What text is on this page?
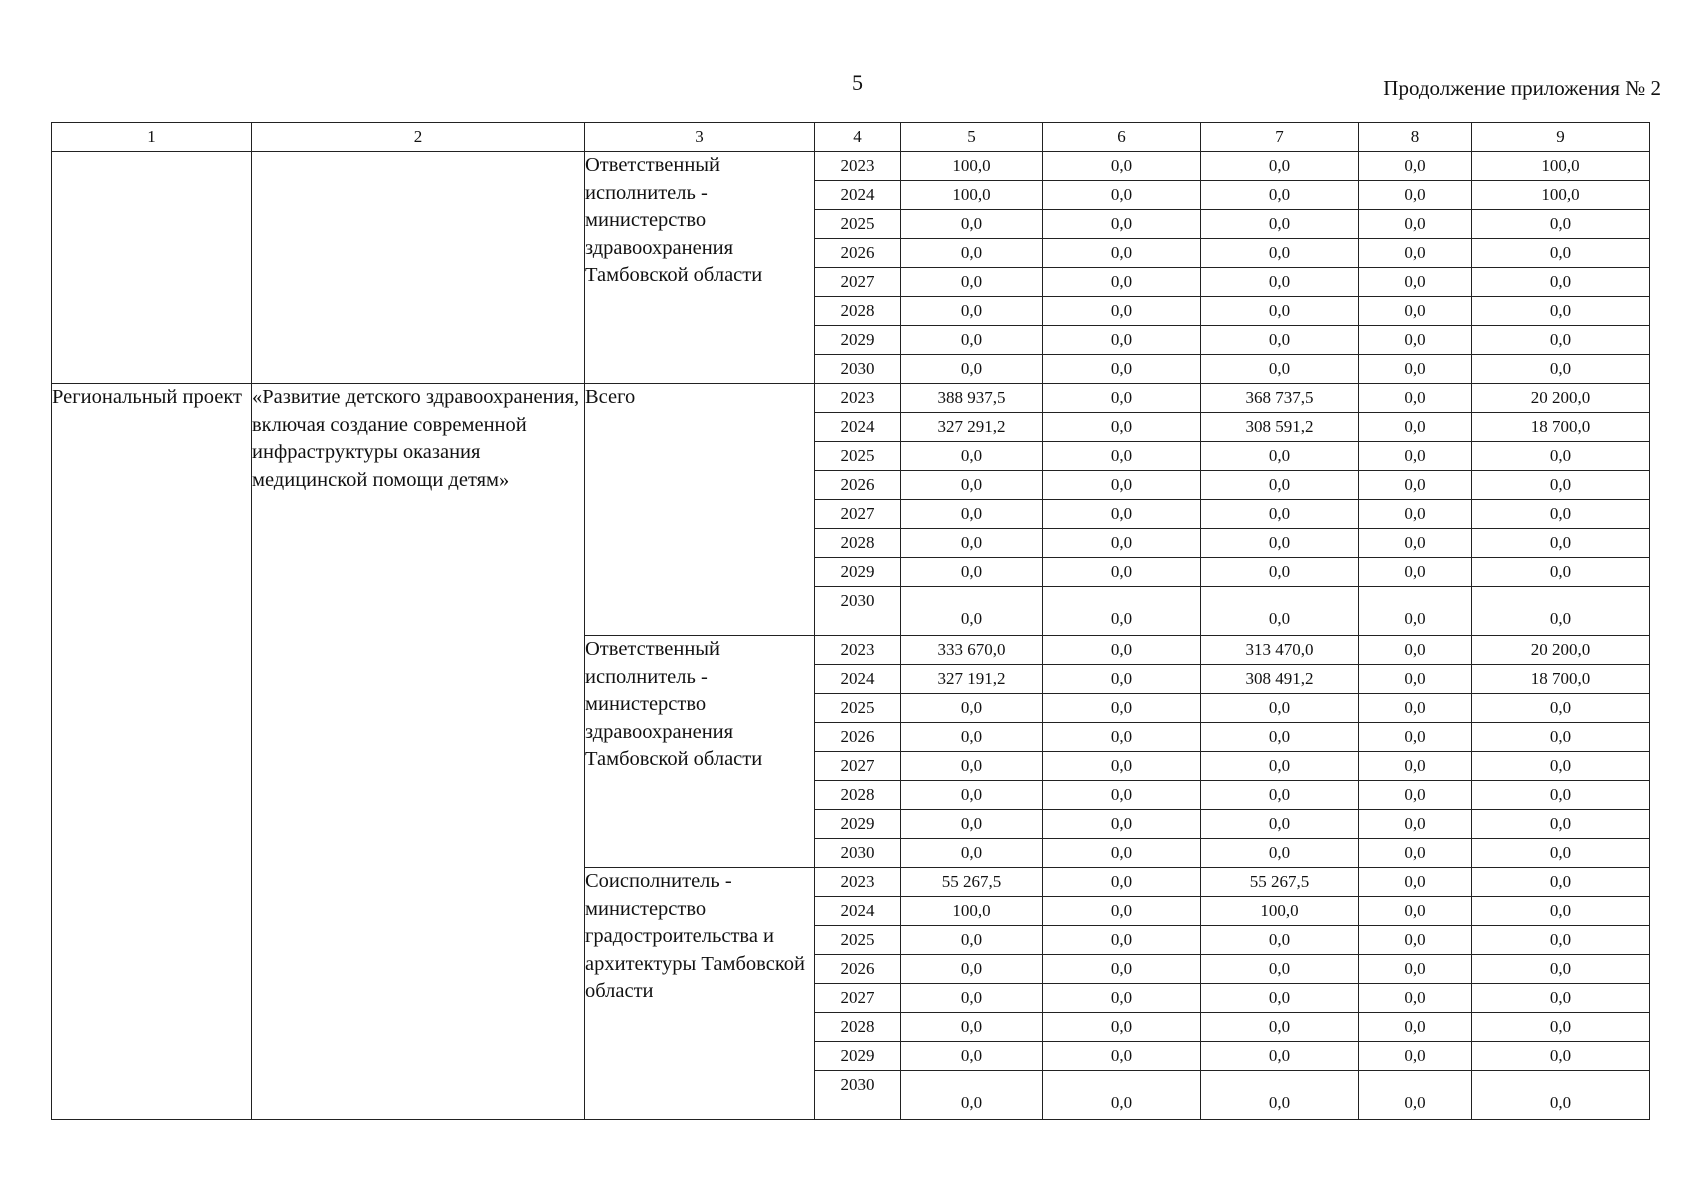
5	Продолжение приложения № 2
1	2	3	4	5	6	7	8	9
		Ответственный исполнитель - министерство здравоохранения Тамбовской области	2023	100,0	0,0	0,0	0,0	100,0
			2024	100,0	0,0	0,0	0,0	100,0
			2025	0,0	0,0	0,0	0,0	0,0
			2026	0,0	0,0	0,0	0,0	0,0
			2027	0,0	0,0	0,0	0,0	0,0
			2028	0,0	0,0	0,0	0,0	0,0
			2029	0,0	0,0	0,0	0,0	0,0
			2030	0,0	0,0	0,0	0,0	0,0
Региональный проект	«Развитие детского здравоохранения, включая создание современной инфраструктуры оказания медицинской помощи детям»	Всего	2023	388 937,5	0,0	368 737,5	0,0	20 200,0
			2024	327 291,2	0,0	308 591,2	0,0	18 700,0
			2025	0,0	0,0	0,0	0,0	0,0
			2026	0,0	0,0	0,0	0,0	0,0
			2027	0,0	0,0	0,0	0,0	0,0
			2028	0,0	0,0	0,0	0,0	0,0
			2029	0,0	0,0	0,0	0,0	0,0
			2030	0,0	0,0	0,0	0,0	0,0
		Ответственный исполнитель - министерство здравоохранения Тамбовской области	2023	333 670,0	0,0	313 470,0	0,0	20 200,0
			2024	327 191,2	0,0	308 491,2	0,0	18 700,0
			2025	0,0	0,0	0,0	0,0	0,0
			2026	0,0	0,0	0,0	0,0	0,0
			2027	0,0	0,0	0,0	0,0	0,0
			2028	0,0	0,0	0,0	0,0	0,0
			2029	0,0	0,0	0,0	0,0	0,0
			2030	0,0	0,0	0,0	0,0	0,0
		Соисполнитель - министерство градостроительства и архитектуры Тамбовской области	2023	55 267,5	0,0	55 267,5	0,0	0,0
			2024	100,0	0,0	100,0	0,0	0,0
			2025	0,0	0,0	0,0	0,0	0,0
			2026	0,0	0,0	0,0	0,0	0,0
			2027	0,0	0,0	0,0	0,0	0,0
			2028	0,0	0,0	0,0	0,0	0,0
			2029	0,0	0,0	0,0	0,0	0,0
			2030	0,0	0,0	0,0	0,0	0,0
